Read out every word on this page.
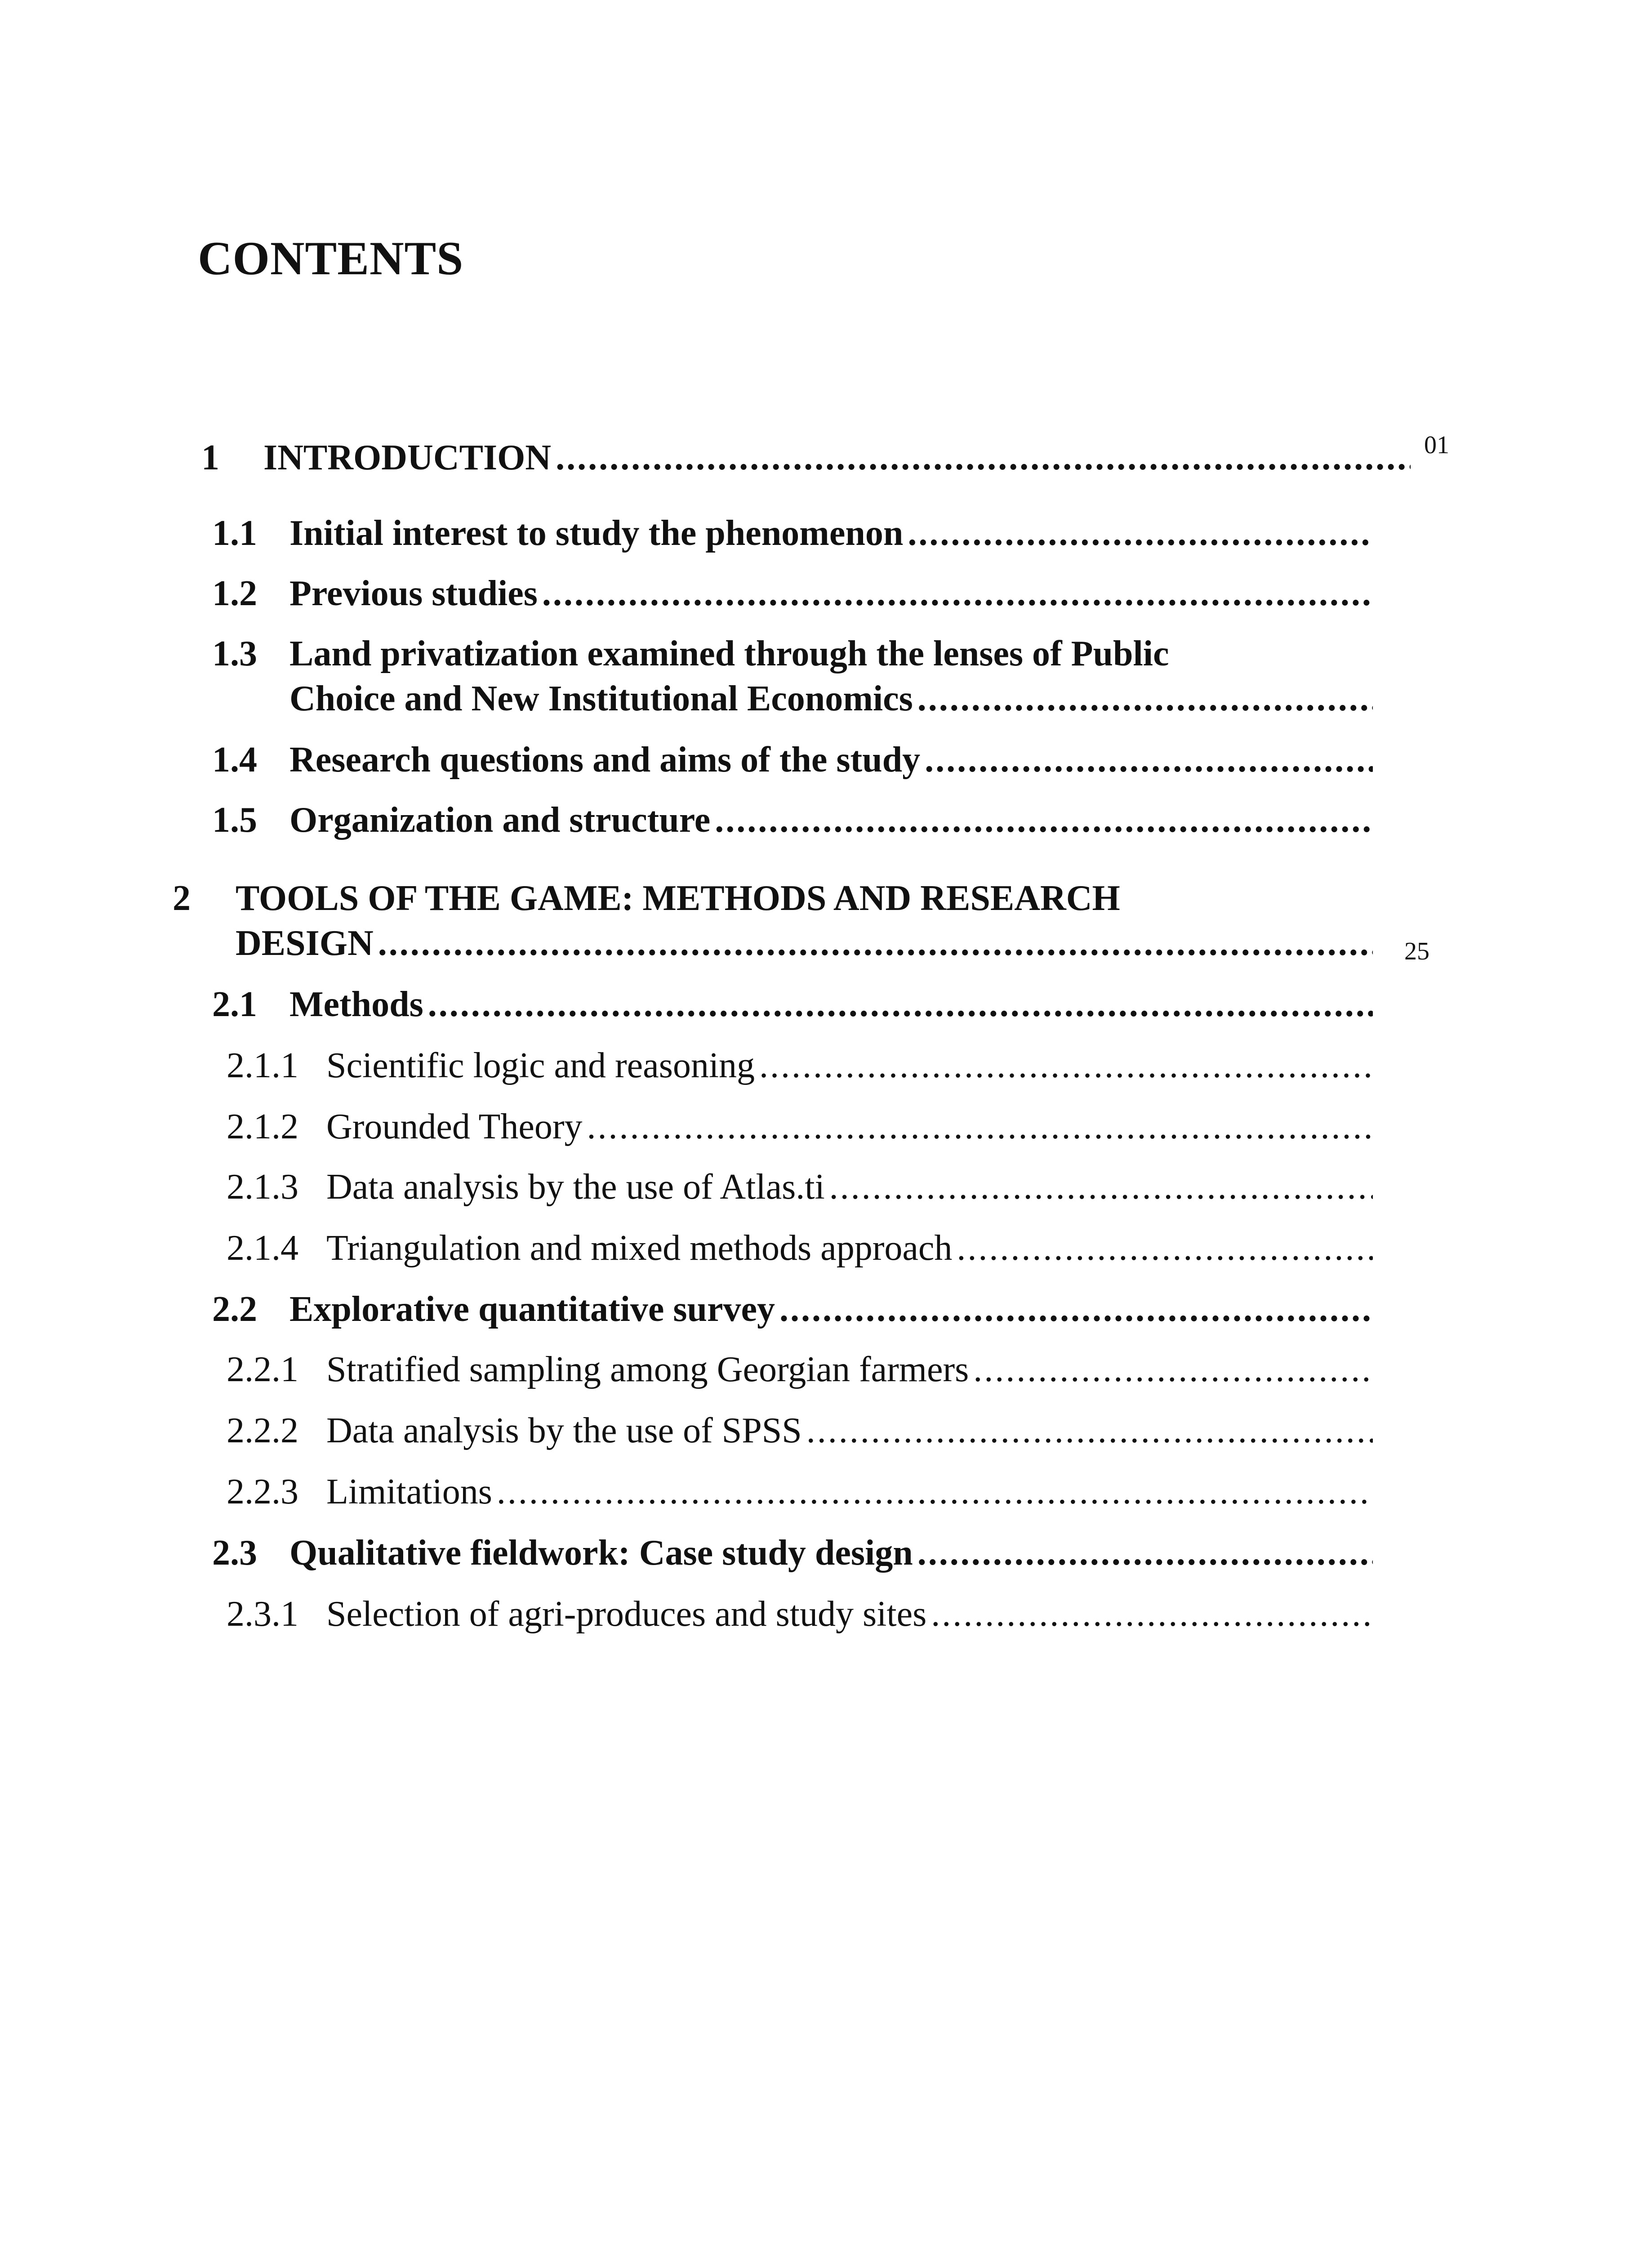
CONTENTS
1 INTRODUCTION .....	01
1.1 Initial interest to study the phenomenon
.....
1.2 Previous studies
.....
1.3 Land privatization examined through the lenses of Public
Choice and New Institutional Economics
.....
1.4 Research questions and aims of the study
.....
1.5 Organization and structure
.....
2 TOOLS OF THE GAME: METHODS AND RESEARCH
DESIGN .....	25
2.1 Methods
.....
2.1.1 Scientific logic and reasoning
.....
2.1.2 Grounded Theory
.....
2.1.3 Data analysis by the use of Atlas.ti
.....
2.1.4 Triangulation and mixed methods approach
.....
2.2 Explorative quantitative survey
.....
2.2.1 Stratified sampling among Georgian farmers
.....
2.2.2 Data analysis by the use of SPSS
.....
2.2.3 Limitations
.....
2.3 Qualitative fieldwork: Case study design
.....
2.3.1 Selection of agri-produces and study sites
.....
